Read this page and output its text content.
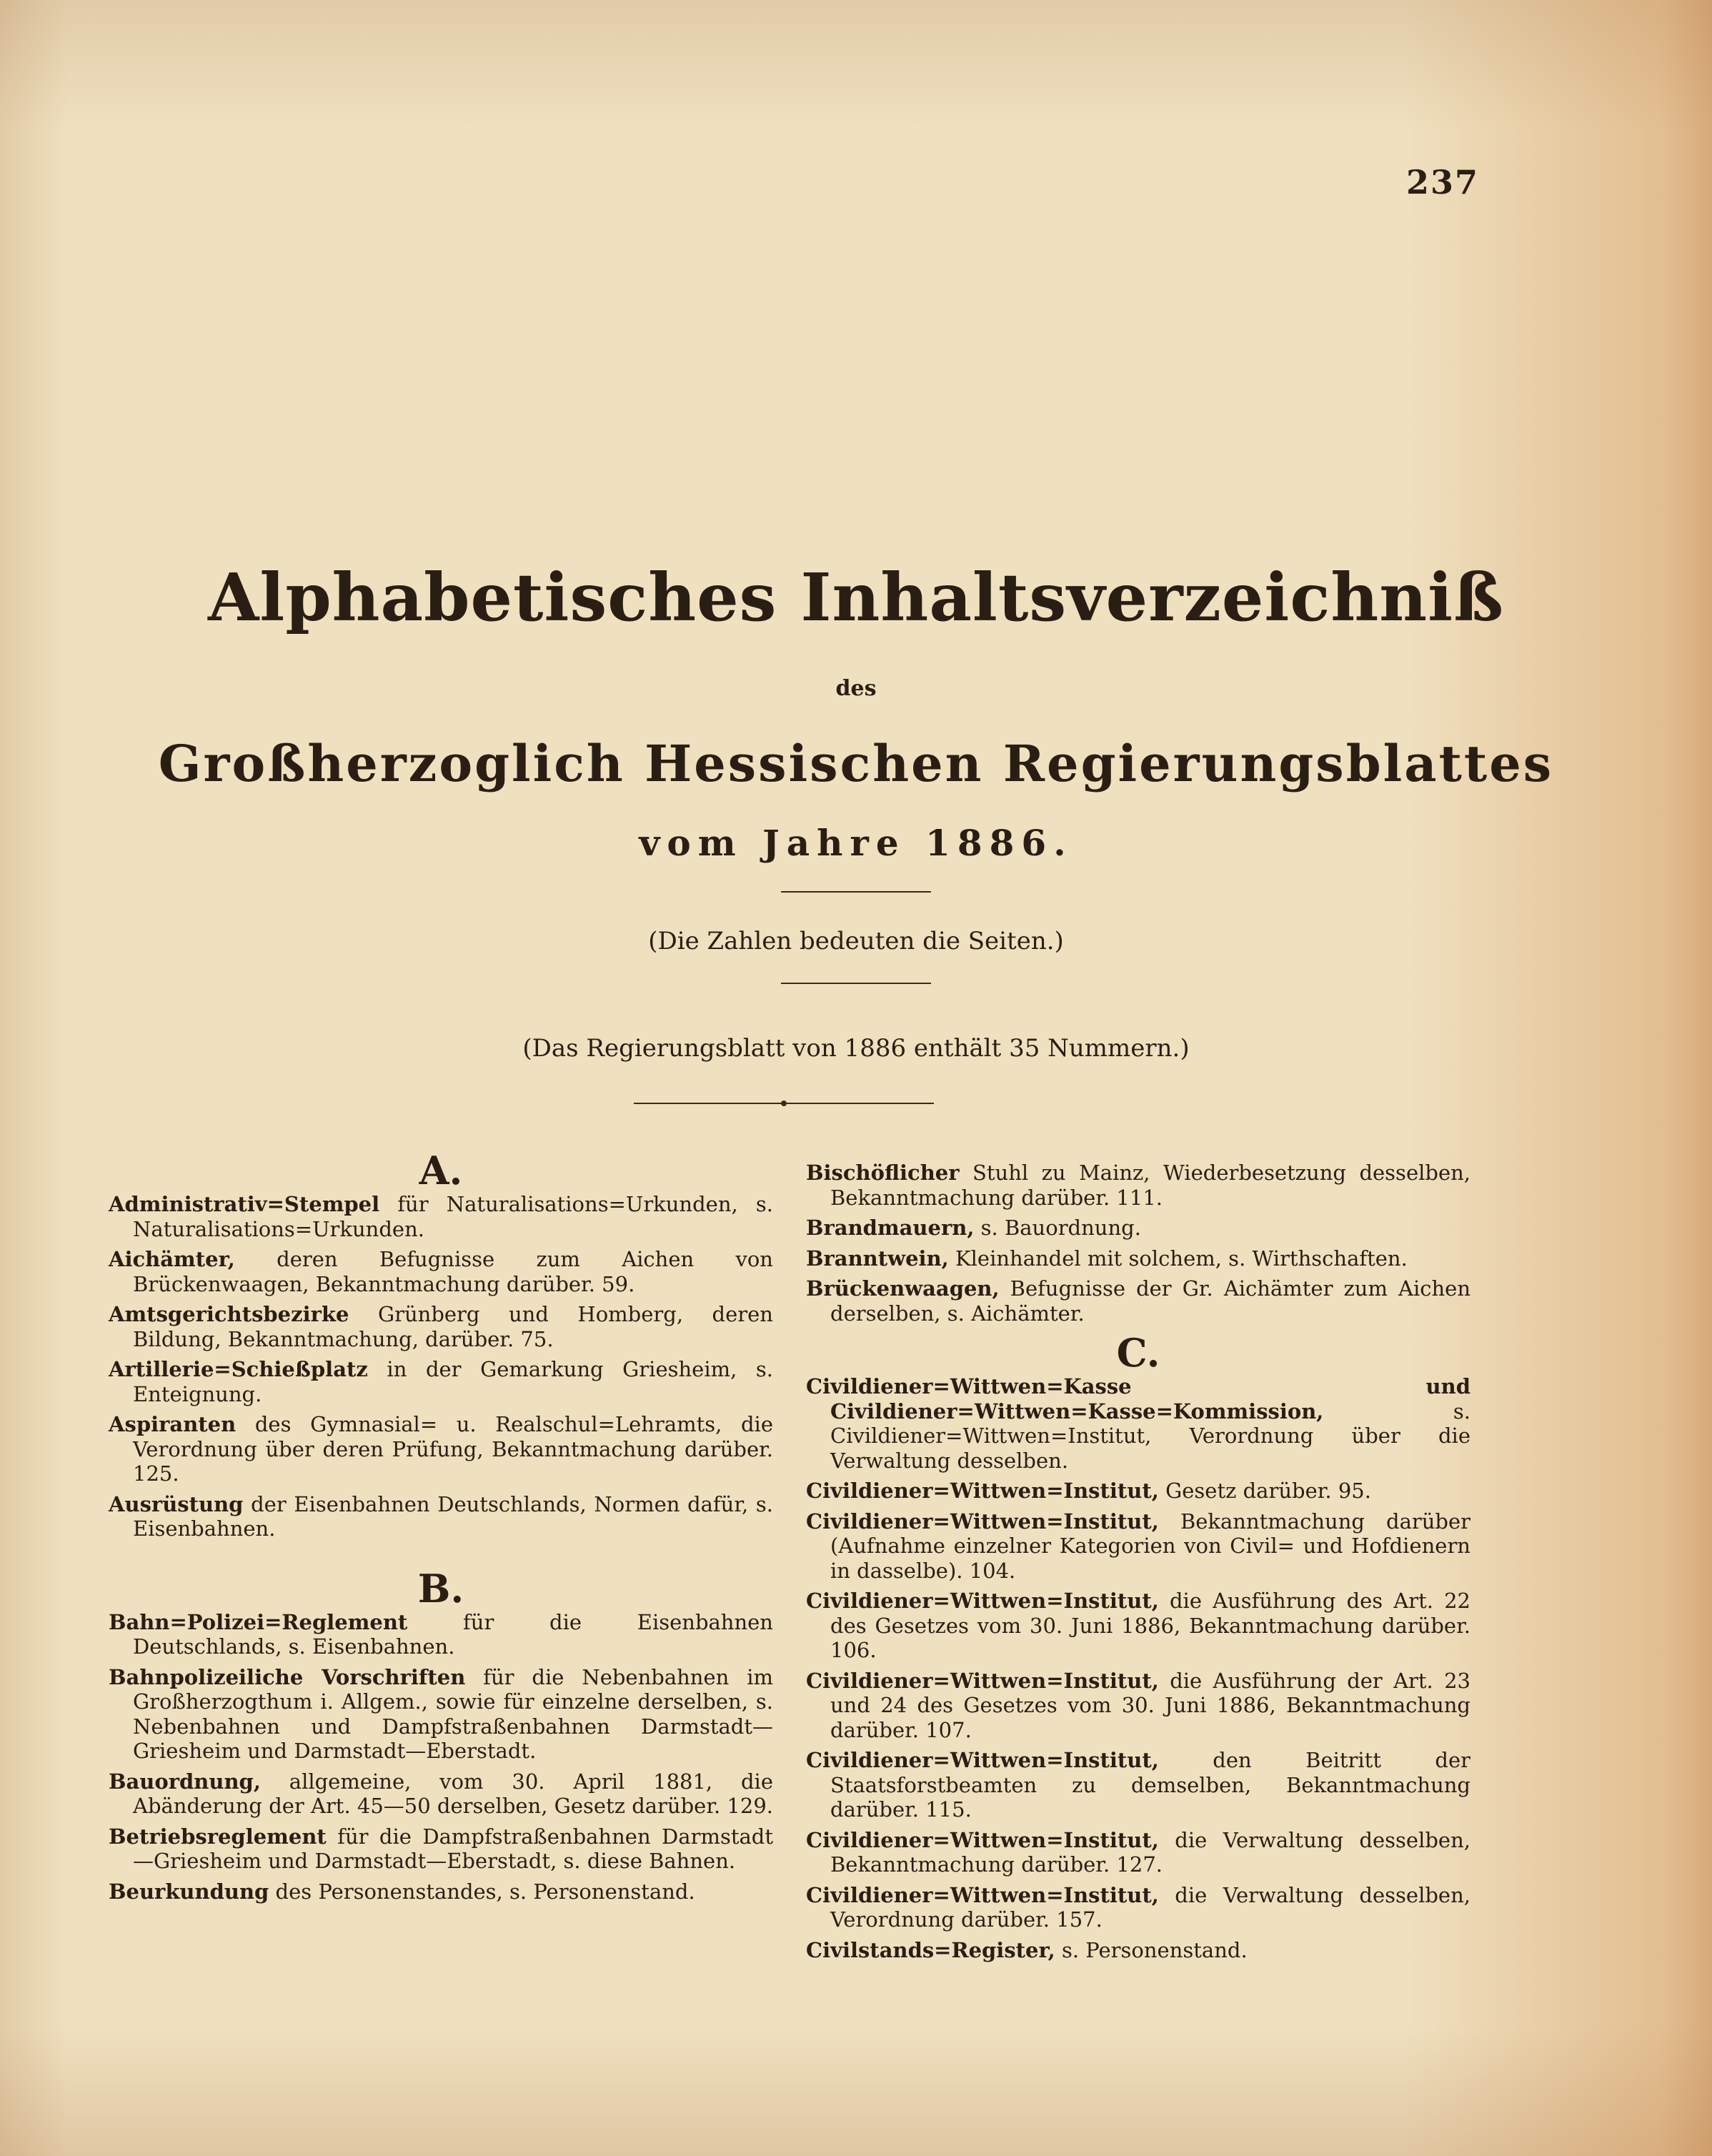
237
Alphabetisches Inhaltsverzeichniß
des
Großherzoglich Hessischen Regierungsblattes
vom Jahre 1886.
(Die Zahlen bedeuten die Seiten.)
(Das Regierungsblatt von 1886 enthält 35 Nummern.)
A.

Administrativ=Stempel für Naturalisations=Urkunden, s. Naturalisations=Urkunden.

Aichämter, deren Befugnisse zum Aichen von Brückenwaagen, Bekanntmachung darüber. 59.

Amtsgerichtsbezirke Grünberg und Homberg, deren Bildung, Bekanntmachung, darüber. 75.

Artillerie=Schießplatz in der Gemarkung Griesheim, s. Enteignung.

Aspiranten des Gymnasial= u. Realschul=Lehramts, die Verordnung über deren Prüfung, Bekanntmachung darüber. 125.

Ausrüstung der Eisenbahnen Deutschlands, Normen dafür, s. Eisenbahnen.

B.

Bahn=Polizei=Reglement für die Eisenbahnen Deutschlands, s. Eisenbahnen.

Bahnpolizeiliche Vorschriften für die Nebenbahnen im Großherzogthum i. Allgem., sowie für einzelne derselben, s. Nebenbahnen und Dampfstraßenbahnen Darmstadt—Griesheim und Darmstadt—Eberstadt.

Bauordnung, allgemeine, vom 30. April 1881, die Abänderung der Art. 45—50 derselben, Gesetz darüber. 129.

Betriebsreglement für die Dampfstraßenbahnen Darmstadt—Griesheim und Darmstadt—Eberstadt, s. diese Bahnen.

Beurkundung des Personenstandes, s. Personenstand.

Bischöflicher Stuhl zu Mainz, Wiederbesetzung desselben, Bekanntmachung darüber. 111.

Brandmauern, s. Bauordnung.

Branntwein, Kleinhandel mit solchem, s. Wirthschaften.

Brückenwaagen, Befugnisse der Gr. Aichämter zum Aichen derselben, s. Aichämter.

C.

Civildiener=Wittwen=Kasse und Civildiener=Wittwen=Kasse=Kommission, s. Civildiener=Wittwen=Institut, Verordnung über die Verwaltung desselben.

Civildiener=Wittwen=Institut, Gesetz darüber. 95.

Civildiener=Wittwen=Institut, Bekanntmachung darüber (Aufnahme einzelner Kategorien von Civil= und Hofdienern in dasselbe). 104.

Civildiener=Wittwen=Institut, die Ausführung des Art. 22 des Gesetzes vom 30. Juni 1886, Bekanntmachung darüber. 106.

Civildiener=Wittwen=Institut, die Ausführung der Art. 23 und 24 des Gesetzes vom 30. Juni 1886, Bekanntmachung darüber. 107.

Civildiener=Wittwen=Institut, den Beitritt der Staatsforstbeamten zu demselben, Bekanntmachung darüber. 115.

Civildiener=Wittwen=Institut, die Verwaltung desselben, Bekanntmachung darüber. 127.

Civildiener=Wittwen=Institut, die Verwaltung desselben, Verordnung darüber. 157.

Civilstands=Register, s. Personenstand.
